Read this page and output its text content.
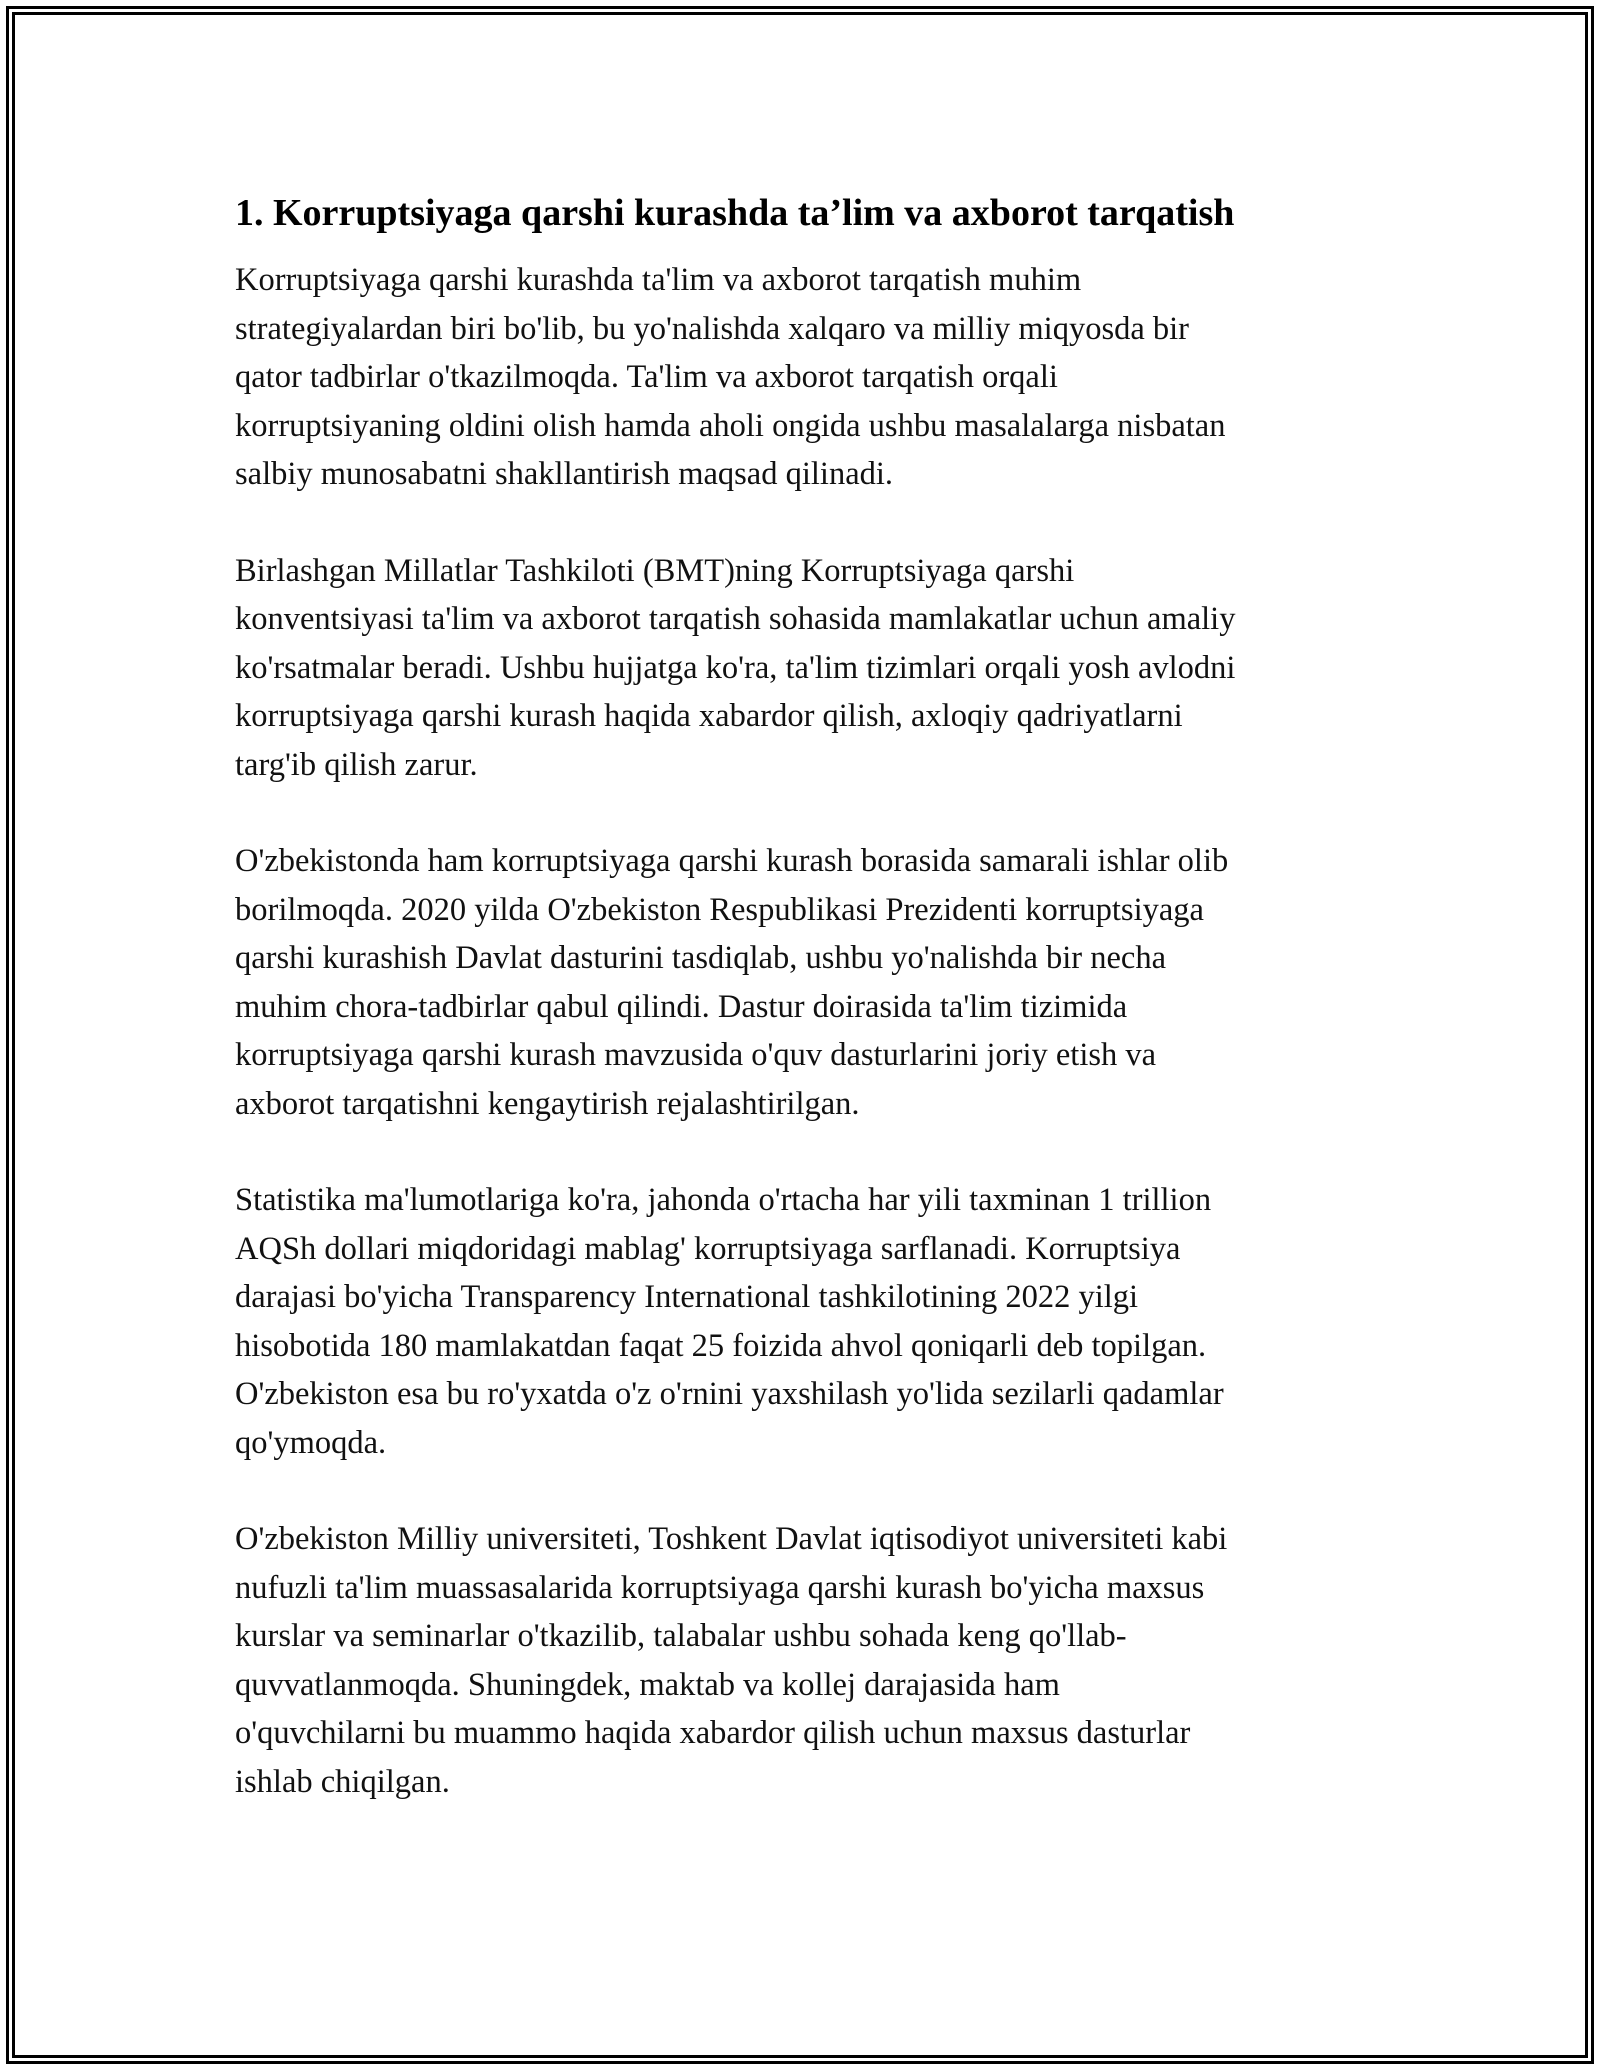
1. Korruptsiyaga qarshi kurashda ta’lim va axborot tarqatish
Korruptsiyaga qarshi kurashda ta'lim va axborot tarqatish muhim
strategiyalardan biri bo'lib, bu yo'nalishda xalqaro va milliy miqyosda bir
qator tadbirlar o'tkazilmoqda. Ta'lim va axborot tarqatish orqali
korruptsiyaning oldini olish hamda aholi ongida ushbu masalalarga nisbatan
salbiy munosabatni shakllantirish maqsad qilinadi.
Birlashgan Millatlar Tashkiloti (BMT)ning Korruptsiyaga qarshi
konventsiyasi ta'lim va axborot tarqatish sohasida mamlakatlar uchun amaliy
ko'rsatmalar beradi. Ushbu hujjatga ko'ra, ta'lim tizimlari orqali yosh avlodni
korruptsiyaga qarshi kurash haqida xabardor qilish, axloqiy qadriyatlarni
targ'ib qilish zarur.
O'zbekistonda ham korruptsiyaga qarshi kurash borasida samarali ishlar olib
borilmoqda. 2020 yilda O'zbekiston Respublikasi Prezidenti korruptsiyaga
qarshi kurashish Davlat dasturini tasdiqlab, ushbu yo'nalishda bir necha
muhim chora-tadbirlar qabul qilindi. Dastur doirasida ta'lim tizimida
korruptsiyaga qarshi kurash mavzusida o'quv dasturlarini joriy etish va
axborot tarqatishni kengaytirish rejalashtirilgan.
Statistika ma'lumotlariga ko'ra, jahonda o'rtacha har yili taxminan 1 trillion
AQSh dollari miqdoridagi mablag' korruptsiyaga sarflanadi. Korruptsiya
darajasi bo'yicha Transparency International tashkilotining 2022 yilgi
hisobotida 180 mamlakatdan faqat 25 foizida ahvol qoniqarli deb topilgan.
O'zbekiston esa bu ro'yxatda o'z o'rnini yaxshilash yo'lida sezilarli qadamlar
qo'ymoqda.
O'zbekiston Milliy universiteti, Toshkent Davlat iqtisodiyot universiteti kabi
nufuzli ta'lim muassasalarida korruptsiyaga qarshi kurash bo'yicha maxsus
kurslar va seminarlar o'tkazilib, talabalar ushbu sohada keng qo'llab-
quvvatlanmoqda. Shuningdek, maktab va kollej darajasida ham
o'quvchilarni bu muammo haqida xabardor qilish uchun maxsus dasturlar
ishlab chiqilgan.
